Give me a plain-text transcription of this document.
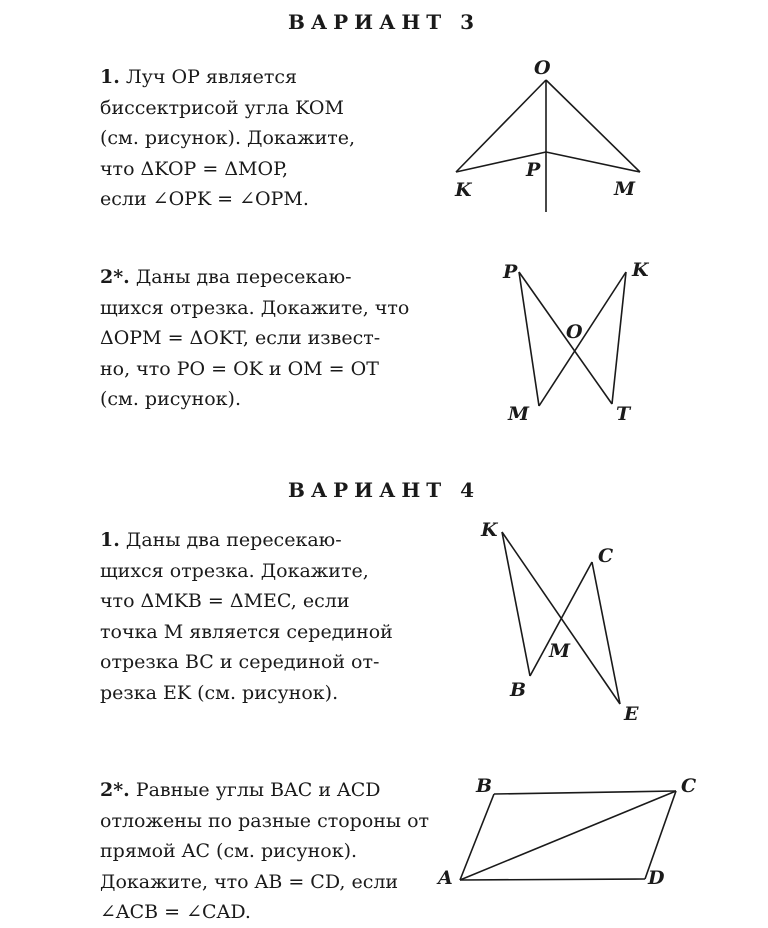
ВАРИАНТ 3

1. Луч OP является

биссектрисой угла KOM

(см. рисунок). Докажите,

что ΔKOP = ΔMOP,

если ∠OPK = ∠OPM.

2*. Даны два пересекаю-

щихся отрезка. Докажите, что

ΔOPM = ΔOKT, если извест-

но, что PO = OK и OM = OT

(см. рисунок).

ВАРИАНТ 4

1. Даны два пересекаю-

щихся отрезка. Докажите,

что ΔMKB = ΔMEC, если

точка M является серединой

отрезка BC и серединой от-

резка EK (см. рисунок).

2*. Равные углы BAC и ACD

отложены по разные стороны от

прямой AC (см. рисунок).

Докажите, что AB = CD, если

∠ACB = ∠CAD.

O
P
K	M
P	K
O
M	T
K
C
M
B
E
B	C
A	D
